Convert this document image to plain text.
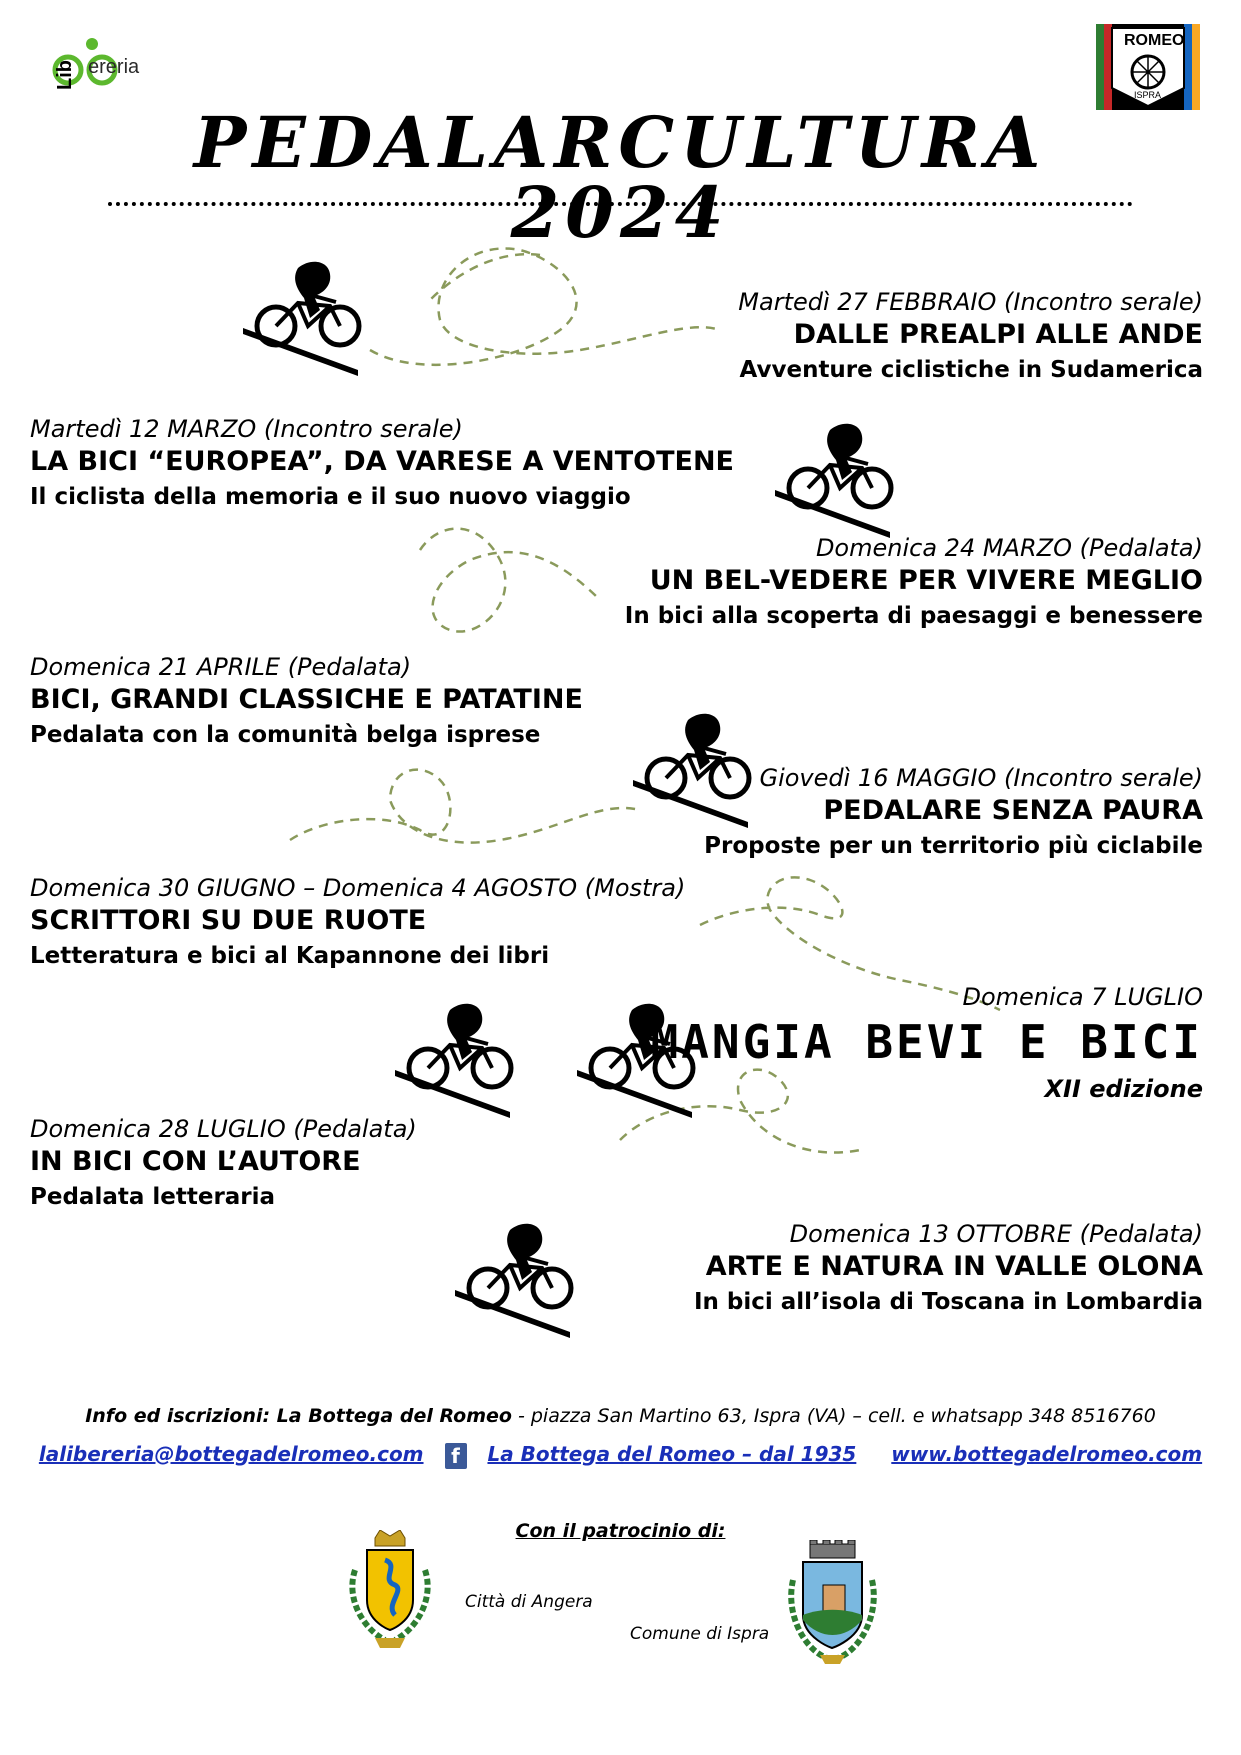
ereria
Lib
ROMEO
ISPRA
PEDALARCULTURA 2024
Martedì 27 FEBBRAIO (Incontro serale)
DALLE PREALPI ALLE ANDE
Avventure ciclistiche in Sudamerica
Martedì 12 MARZO (Incontro serale)
LA BICI “EUROPEA”, DA VARESE A VENTOTENE
Il ciclista della memoria e il suo nuovo viaggio
Domenica 24 MARZO (Pedalata)
UN BEL-VEDERE PER VIVERE MEGLIO
In bici alla scoperta di paesaggi e benessere
Domenica 21 APRILE (Pedalata)
BICI, GRANDI CLASSICHE E PATATINE
Pedalata con la comunità belga isprese
Giovedì 16 MAGGIO (Incontro serale)
PEDALARE SENZA PAURA
Proposte per un territorio più ciclabile
Domenica 30 GIUGNO – Domenica 4 AGOSTO (Mostra)
SCRITTORI SU DUE RUOTE
Letteratura e bici al Kapannone dei libri
Domenica 7 LUGLIO
MANGIA BEVI E BICI
XII edizione
Domenica 28 LUGLIO (Pedalata)
IN BICI CON L’AUTORE
Pedalata letteraria
Domenica 13 OTTOBRE (Pedalata)
ARTE E NATURA IN VALLE OLONA
In bici all’isola di Toscana in Lombardia
Info ed iscrizioni: La Bottega del Romeo - piazza San Martino 63, Ispra (VA) – cell. e whatsapp 348 8516760
lalibereria@bottegadelromeo.com f La Bottega del Romeo – dal 1935 www.bottegadelromeo.com
Con il patrocinio di:
Città di Angera
Comune di Ispra
